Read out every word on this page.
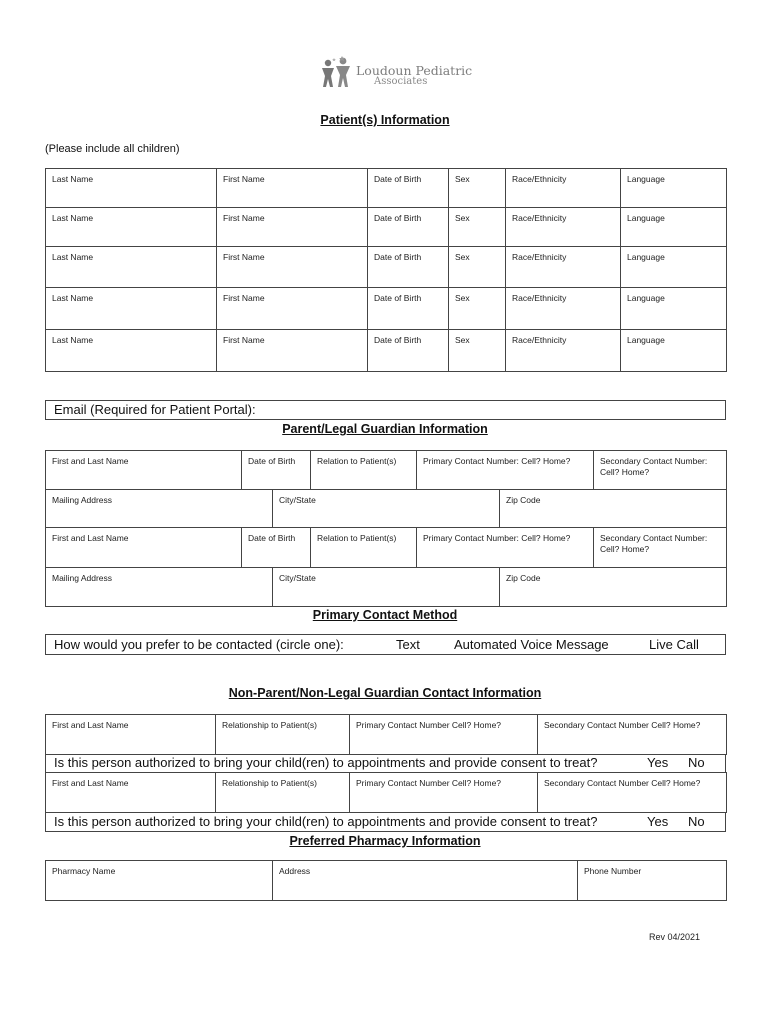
Loudoun Pediatric
Associates
Patient(s) Information
(Please include all children)
Last Name	First Name	Date of Birth	Sex	Race/Ethnicity	Language
Last Name	First Name	Date of Birth	Sex	Race/Ethnicity	Language
Last Name	First Name	Date of Birth	Sex	Race/Ethnicity	Language
Last Name	First Name	Date of Birth	Sex	Race/Ethnicity	Language
Last Name	First Name	Date of Birth	Sex	Race/Ethnicity	Language
Email (Required for Patient Portal):
Parent/Legal Guardian Information
First and Last Name	Date of Birth	Relation to Patient(s)	Primary Contact Number: Cell? Home?	Secondary Contact Number: Cell? Home?
Mailing Address	City/State	Zip Code
First and Last Name	Date of Birth	Relation to Patient(s)	Primary Contact Number: Cell? Home?	Secondary Contact Number: Cell? Home?
Mailing Address	City/State	Zip Code
Primary Contact Method
How would you prefer to be contacted (circle one):	Text	Automated Voice Message	Live Call
Non-Parent/Non-Legal Guardian Contact Information
First and Last Name	Relationship to Patient(s)	Primary Contact Number Cell? Home?	Secondary Contact Number Cell? Home?
Is this person authorized to bring your child(ren) to appointments and provide consent to treat?	Yes No
First and Last Name	Relationship to Patient(s)	Primary Contact Number Cell? Home?	Secondary Contact Number Cell? Home?
Is this person authorized to bring your child(ren) to appointments and provide consent to treat?	Yes No
Preferred Pharmacy Information
Pharmacy Name	Address	Phone Number
Rev 04/2021
